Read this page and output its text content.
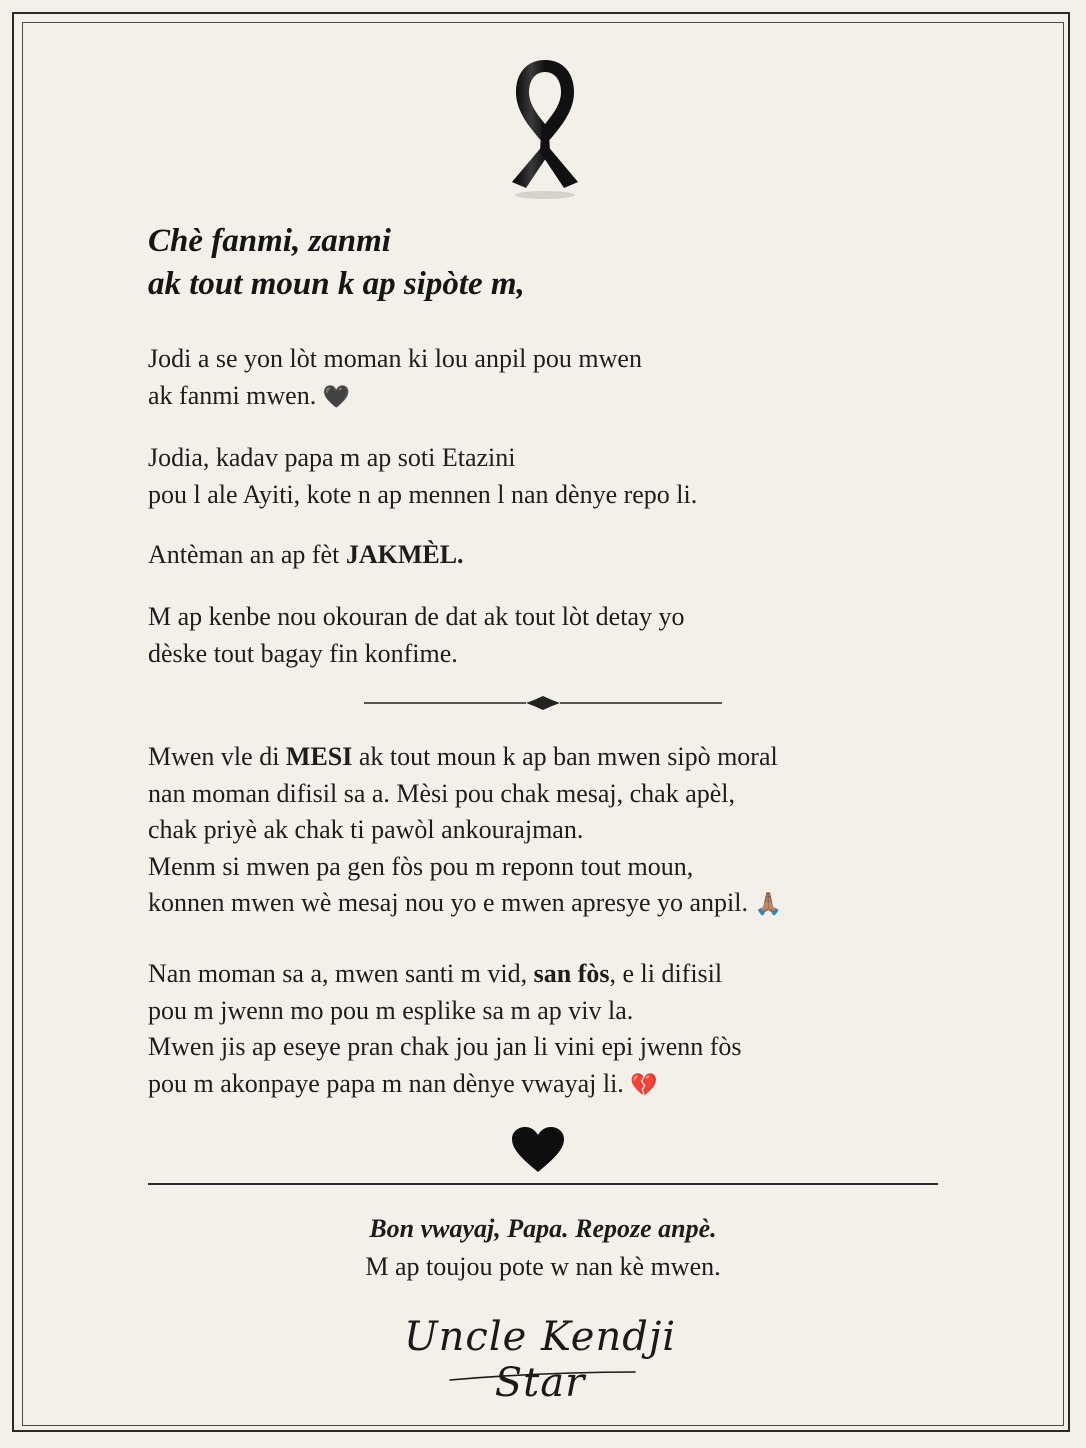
Chè fanmi, zanmi
ak tout moun k ap sipòte m,
Jodi a se yon lòt moman ki lou anpil pou mwen
ak fanmi mwen. 🖤
Jodia, kadav papa m ap soti Etazini
pou l ale Ayiti, kote n ap mennen l nan dènye repo li.
Antèman an ap fèt JAKMÈL.
M ap kenbe nou okouran de dat ak tout lòt detay yo
dèske tout bagay fin konfime.
Mwen vle di MESI ak tout moun k ap ban mwen sipò moral
nan moman difisil sa a. Mèsi pou chak mesaj, chak apèl,
chak priyè ak chak ti pawòl ankourajman.
Menm si mwen pa gen fòs pou m reponn tout moun,
konnen mwen wè mesaj nou yo e mwen apresye yo anpil. 🙏🏽
Nan moman sa a, mwen santi m vid, san fòs, e li difisil
pou m jwenn mo pou m esplike sa m ap viv la.
Mwen jis ap eseye pran chak jou jan li vini epi jwenn fòs
pou m akonpaye papa m nan dènye vwayaj li. 💔
Bon vwayaj, Papa. Repoze anpè.
M ap toujou pote w nan kè mwen.
Uncle Kendji Star
